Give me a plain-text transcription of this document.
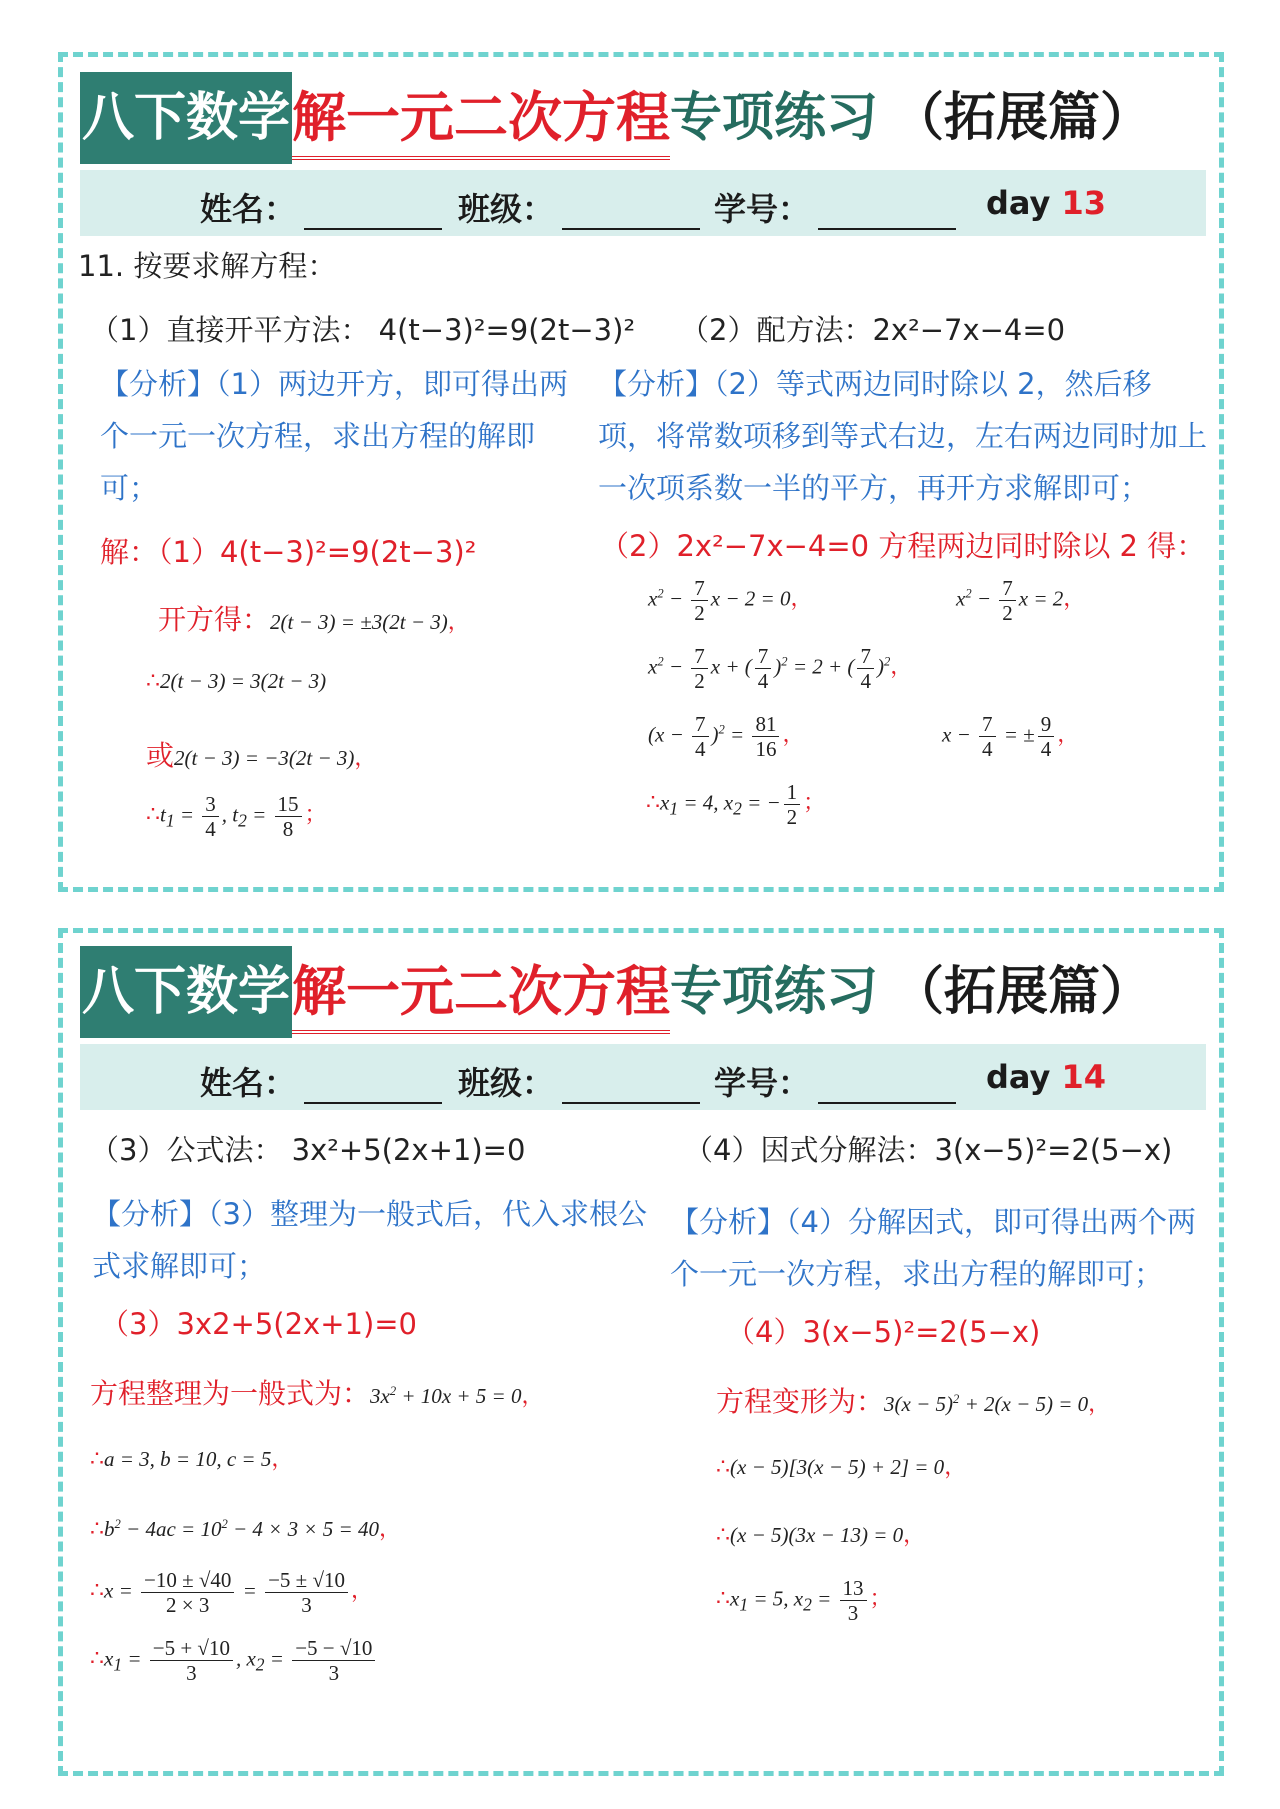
八下数学 解一元二次方程 专项练习 （拓展篇）
姓名：	班级：	学号：	day 13
11. 按要求解方程：
（1）直接开平方法： 4(t−3)²=9(2t−3)² （2）配方法：2x²−7x−4=0
【分析】（1）两边开方，即可得出两个一元一次方程，求出方程的解即可；
【分析】（2）等式两边同时除以 2，然后移项，将常数项移到等式右边，左右两边同时加上一次项系数一半的平方，再开方求解即可；
解：（1）4(t−3)²=9(2t−3)²	（2）2x²−7x−4=0 方程两边同时除以 2 得：
开方得：2(t − 3) = ±3(2t − 3)，
∴2(t − 3) = 3(2t − 3)
或2(t − 3) = −3(2t − 3)，
$\therefore t_1 = \frac{3}{4}$ , $t_2 = \frac{15}{8}$ ；
$x^2 - \frac{7}{2}$ x − 2 = 0，	$x^2 - \frac{7}{2}$ x = 2，
$x^2 - \frac{7}{2}$ x + ( $\frac{7}{4} )^2 = 2$ + ( $\frac{7}{4} )^2$，
$(x - \frac{7}{4} )^2 = \frac{81}{16}$ ，	$x - \frac{7}{4}$ = ± $\frac{9}{4}$ ，
$\therefore x_1 = 4$, $x_2$ = − $\frac{1}{2}$ ；
八下数学 解一元二次方程 专项练习 （拓展篇）
姓名：	班级：	学号：	day 14
（3）公式法： 3x²+5(2x+1)=0	（4）因式分解法：3(x−5)²=2(5−x)
【分析】（3）整理为一般式后，代入求根公式求解即可；
【分析】（4）分解因式，即可得出两个两个一元一次方程，求出方程的解即可；
（3）3x2+5(2x+1)=0	（4）3(x−5)²=2(5−x)
方程整理为一般式为：$3x^2 + 10x + 5 = 0$，
∴a = 3, b = 10, c = 5，
$\therefore b^2 - 4ac = 10^2 - 4 \times 3 \times 5 = 40$，
∴x = $\frac{-10 \pm √40}{2 \times 3} = \frac{-5 \pm √10}{3}$ ，
$\therefore x_1 = \frac{-5 + √10}{3}$ , $x_2 = \frac{-5 - √10}{3}$
方程变形为：$3(x - 5)^2 + 2(x - 5) = 0$，
∴(x − 5)[3(x − 5) + 2] = 0，
∴(x − 5)(3x − 13) = 0，
$\therefore x_1 = 5$, $x_2 = \frac{13}{3}$ ；
